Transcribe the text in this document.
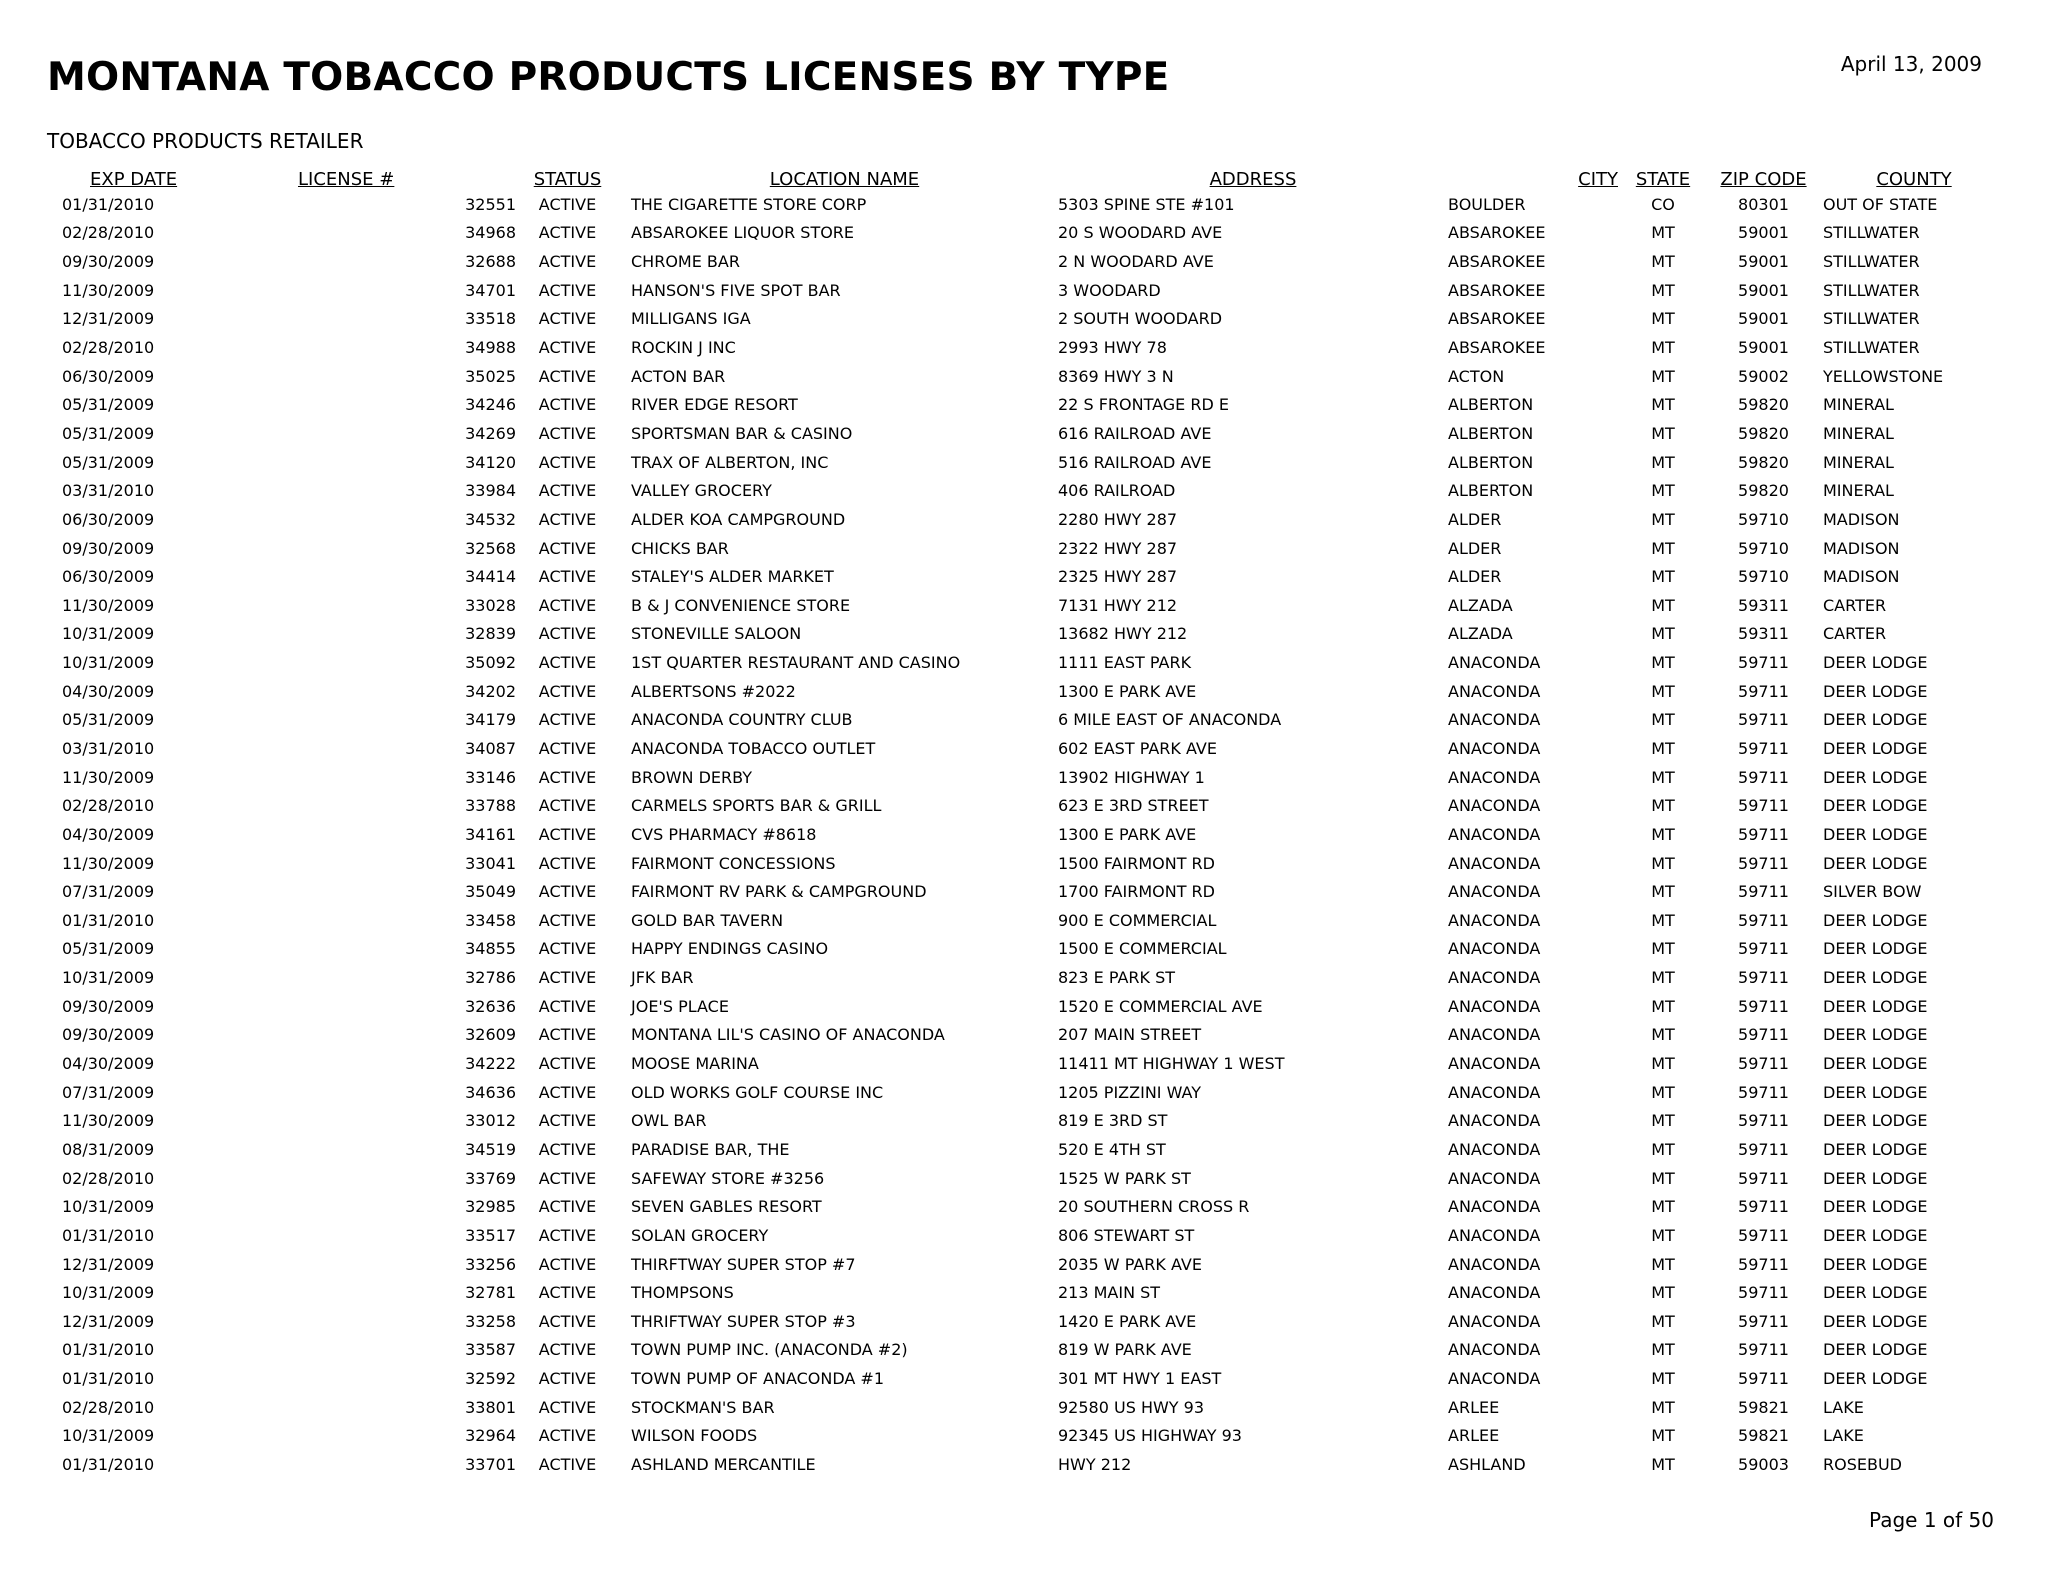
MONTANA TOBACCO PRODUCTS LICENSES BY TYPE	April 13, 2009
TOBACCO PRODUCTS RETAILER
EXP DATE	LICENSE #	STATUS	LOCATION NAME	ADDRESS	CITY	STATE	ZIP CODE	COUNTY
01/31/2010	32551	ACTIVE	THE CIGARETTE STORE CORP	5303 SPINE STE #101	BOULDER	CO	80301	OUT OF STATE
02/28/2010	34968	ACTIVE	ABSAROKEE LIQUOR STORE	20 S WOODARD AVE	ABSAROKEE	MT	59001	STILLWATER
09/30/2009	32688	ACTIVE	CHROME BAR	2 N WOODARD AVE	ABSAROKEE	MT	59001	STILLWATER
11/30/2009	34701	ACTIVE	HANSON'S FIVE SPOT BAR	3 WOODARD	ABSAROKEE	MT	59001	STILLWATER
12/31/2009	33518	ACTIVE	MILLIGANS IGA	2 SOUTH WOODARD	ABSAROKEE	MT	59001	STILLWATER
02/28/2010	34988	ACTIVE	ROCKIN J INC	2993 HWY 78	ABSAROKEE	MT	59001	STILLWATER
06/30/2009	35025	ACTIVE	ACTON BAR	8369 HWY 3 N	ACTON	MT	59002	YELLOWSTONE
05/31/2009	34246	ACTIVE	RIVER EDGE RESORT	22 S FRONTAGE RD E	ALBERTON	MT	59820	MINERAL
05/31/2009	34269	ACTIVE	SPORTSMAN BAR & CASINO	616 RAILROAD AVE	ALBERTON	MT	59820	MINERAL
05/31/2009	34120	ACTIVE	TRAX OF ALBERTON, INC	516 RAILROAD AVE	ALBERTON	MT	59820	MINERAL
03/31/2010	33984	ACTIVE	VALLEY GROCERY	406 RAILROAD	ALBERTON	MT	59820	MINERAL
06/30/2009	34532	ACTIVE	ALDER KOA CAMPGROUND	2280 HWY 287	ALDER	MT	59710	MADISON
09/30/2009	32568	ACTIVE	CHICKS BAR	2322 HWY 287	ALDER	MT	59710	MADISON
06/30/2009	34414	ACTIVE	STALEY'S ALDER MARKET	2325 HWY 287	ALDER	MT	59710	MADISON
11/30/2009	33028	ACTIVE	B & J CONVENIENCE STORE	7131 HWY 212	ALZADA	MT	59311	CARTER
10/31/2009	32839	ACTIVE	STONEVILLE SALOON	13682 HWY 212	ALZADA	MT	59311	CARTER
10/31/2009	35092	ACTIVE	1ST QUARTER RESTAURANT AND CASINO	1111 EAST PARK	ANACONDA	MT	59711	DEER LODGE
04/30/2009	34202	ACTIVE	ALBERTSONS #2022	1300 E PARK AVE	ANACONDA	MT	59711	DEER LODGE
05/31/2009	34179	ACTIVE	ANACONDA COUNTRY CLUB	6 MILE EAST OF ANACONDA	ANACONDA	MT	59711	DEER LODGE
03/31/2010	34087	ACTIVE	ANACONDA TOBACCO OUTLET	602 EAST PARK AVE	ANACONDA	MT	59711	DEER LODGE
11/30/2009	33146	ACTIVE	BROWN DERBY	13902 HIGHWAY 1	ANACONDA	MT	59711	DEER LODGE
02/28/2010	33788	ACTIVE	CARMELS SPORTS BAR & GRILL	623 E 3RD STREET	ANACONDA	MT	59711	DEER LODGE
04/30/2009	34161	ACTIVE	CVS PHARMACY #8618	1300 E PARK AVE	ANACONDA	MT	59711	DEER LODGE
11/30/2009	33041	ACTIVE	FAIRMONT CONCESSIONS	1500 FAIRMONT RD	ANACONDA	MT	59711	DEER LODGE
07/31/2009	35049	ACTIVE	FAIRMONT RV PARK & CAMPGROUND	1700 FAIRMONT RD	ANACONDA	MT	59711	SILVER BOW
01/31/2010	33458	ACTIVE	GOLD BAR TAVERN	900 E COMMERCIAL	ANACONDA	MT	59711	DEER LODGE
05/31/2009	34855	ACTIVE	HAPPY ENDINGS CASINO	1500 E COMMERCIAL	ANACONDA	MT	59711	DEER LODGE
10/31/2009	32786	ACTIVE	JFK BAR	823 E PARK ST	ANACONDA	MT	59711	DEER LODGE
09/30/2009	32636	ACTIVE	JOE'S PLACE	1520 E COMMERCIAL AVE	ANACONDA	MT	59711	DEER LODGE
09/30/2009	32609	ACTIVE	MONTANA LIL'S CASINO OF ANACONDA	207 MAIN STREET	ANACONDA	MT	59711	DEER LODGE
04/30/2009	34222	ACTIVE	MOOSE MARINA	11411 MT HIGHWAY 1 WEST	ANACONDA	MT	59711	DEER LODGE
07/31/2009	34636	ACTIVE	OLD WORKS GOLF COURSE INC	1205 PIZZINI WAY	ANACONDA	MT	59711	DEER LODGE
11/30/2009	33012	ACTIVE	OWL BAR	819 E 3RD ST	ANACONDA	MT	59711	DEER LODGE
08/31/2009	34519	ACTIVE	PARADISE BAR, THE	520 E 4TH ST	ANACONDA	MT	59711	DEER LODGE
02/28/2010	33769	ACTIVE	SAFEWAY STORE #3256	1525 W PARK ST	ANACONDA	MT	59711	DEER LODGE
10/31/2009	32985	ACTIVE	SEVEN GABLES RESORT	20 SOUTHERN CROSS R	ANACONDA	MT	59711	DEER LODGE
01/31/2010	33517	ACTIVE	SOLAN GROCERY	806 STEWART ST	ANACONDA	MT	59711	DEER LODGE
12/31/2009	33256	ACTIVE	THIRFTWAY SUPER STOP #7	2035 W PARK AVE	ANACONDA	MT	59711	DEER LODGE
10/31/2009	32781	ACTIVE	THOMPSONS	213 MAIN ST	ANACONDA	MT	59711	DEER LODGE
12/31/2009	33258	ACTIVE	THRIFTWAY SUPER STOP #3	1420 E PARK AVE	ANACONDA	MT	59711	DEER LODGE
01/31/2010	33587	ACTIVE	TOWN PUMP INC. (ANACONDA #2)	819 W PARK AVE	ANACONDA	MT	59711	DEER LODGE
01/31/2010	32592	ACTIVE	TOWN PUMP OF ANACONDA #1	301 MT HWY 1 EAST	ANACONDA	MT	59711	DEER LODGE
02/28/2010	33801	ACTIVE	STOCKMAN'S BAR	92580 US HWY 93	ARLEE	MT	59821	LAKE
10/31/2009	32964	ACTIVE	WILSON FOODS	92345 US HIGHWAY 93	ARLEE	MT	59821	LAKE
01/31/2010	33701	ACTIVE	ASHLAND MERCANTILE	HWY 212	ASHLAND	MT	59003	ROSEBUD
Page 1 of 50
